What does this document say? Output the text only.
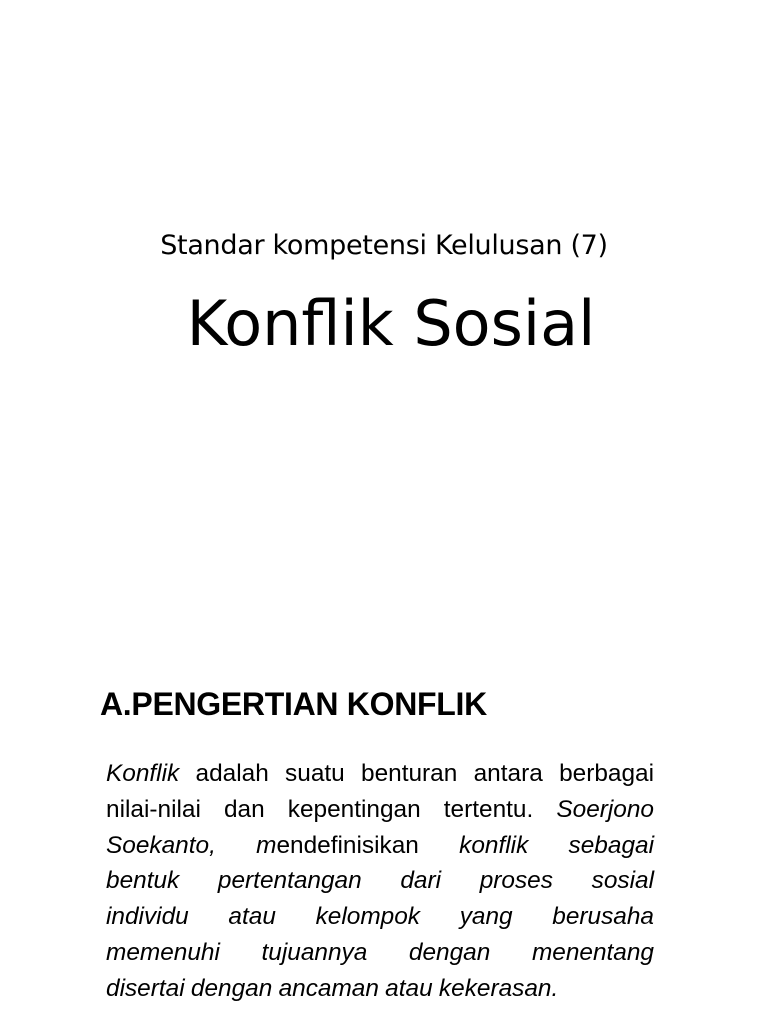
Standar kompetensi Kelulusan (7)
Konflik Sosial
A.PENGERTIAN KONFLIK
Konflik adalah suatu benturan antara berbagai
nilai-nilai dan kepentingan tertentu. Soerjono
Soekanto, mendefinisikan konflik sebagai
bentuk pertentangan dari proses sosial
individu atau kelompok yang berusaha
memenuhi tujuannya dengan menentang
disertai dengan ancaman atau kekerasan.
